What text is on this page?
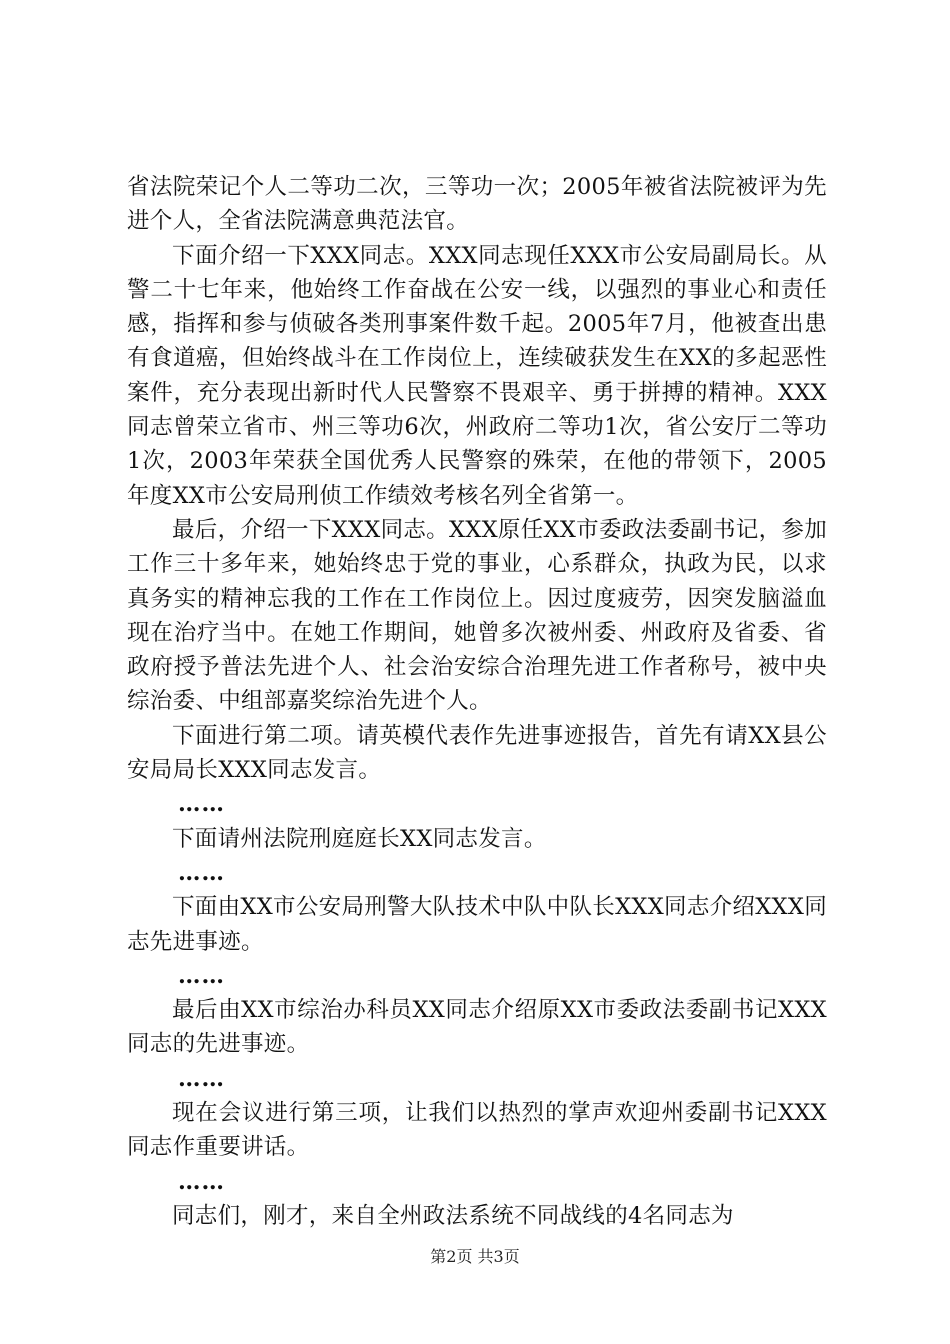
省法院荣记个人二等功二次，三等功一次；2005年被省法院被评为先进个人，全省法院满意典范法官。

下面介绍一下XXX同志。XXX同志现任XXX市公安局副局长。从警二十七年来，他始终工作奋战在公安一线，以强烈的事业心和责任感，指挥和参与侦破各类刑事案件数千起。2005年7月，他被查出患有食道癌，但始终战斗在工作岗位上，连续破获发生在XX的多起恶性案件，充分表现出新时代人民警察不畏艰辛、勇于拼搏的精神。XXX同志曾荣立省市、州三等功6次，州政府二等功1次，省公安厅二等功1次，2003年荣获全国优秀人民警察的殊荣，在他的带领下，2005年度XX市公安局刑侦工作绩效考核名列全省第一。

最后，介绍一下XXX同志。XXX原任XX市委政法委副书记，参加工作三十多年来，她始终忠于党的事业，心系群众，执政为民，以求真务实的精神忘我的工作在工作岗位上。因过度疲劳，因突发脑溢血现在治疗当中。在她工作期间，她曾多次被州委、州政府及省委、省政府授予普法先进个人、社会治安综合治理先进工作者称号，被中央综治委、中组部嘉奖综治先进个人。

下面进行第二项。请英模代表作先进事迹报告，首先有请XX县公安局局长XXX同志发言。

……

下面请州法院刑庭庭长XX同志发言。

……

下面由XX市公安局刑警大队技术中队中队长XXX同志介绍XXX同志先进事迹。

……

最后由XX市综治办科员XX同志介绍原XX市委政法委副书记XXX同志的先进事迹。

……

现在会议进行第三项，让我们以热烈的掌声欢迎州委副书记XXX同志作重要讲话。

……

同志们，刚才，来自全州政法系统不同战线的4名同志为

第2页 共3页
